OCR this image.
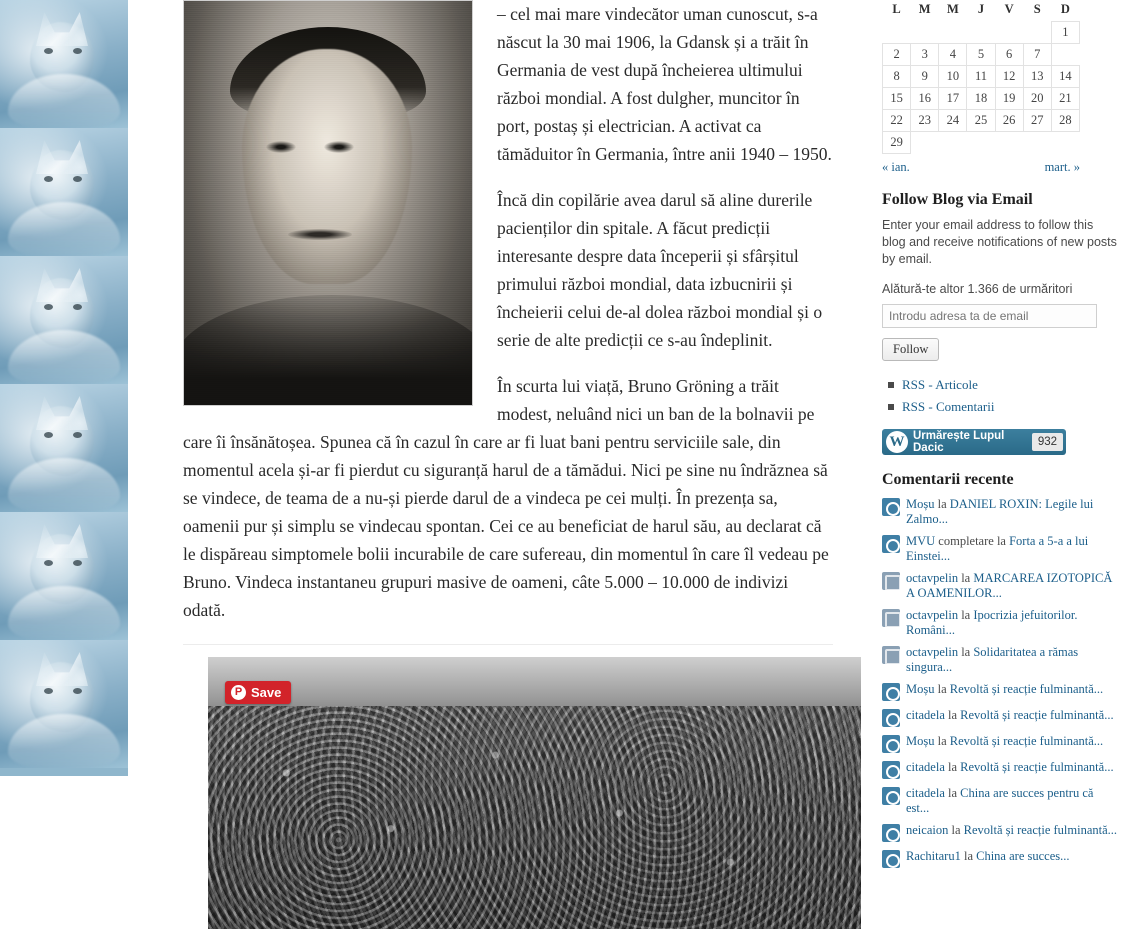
– cel mai mare vindecător uman cunoscut, s-a născut la 30 mai 1906, la Gdansk și a trăit în Germania de vest după încheierea ultimului război mondial. A fost dulgher, muncitor în port, postaș și electrician. A activat ca tămăduitor în Germania, între anii 1940 – 1950.

Încă din copilărie avea darul să aline durerile pacienților din spitale. A făcut predicții interesante despre data începerii și sfârșitul primului război mondial, data izbucnirii și încheierii celui de-al dolea război mondial și o serie de alte predicții ce s-au îndeplinit.

În scurta lui viață, Bruno Gröning a trăit modest, neluând nici un ban de la bolnavii pe care îi însănătoșea. Spunea că în cazul în care ar fi luat bani pentru serviciile sale, din momentul acela și-ar fi pierdut cu siguranță harul de a tămădui. Nici pe sine nu îndrăznea să se vindece, de teama de a nu-și pierde darul de a vindeca pe cei mulți. În prezența sa, oamenii pur și simplu se vindecau spontan. Cei ce au beneficiat de harul său, au declarat că le dispăreau simptomele bolii incurabile de care sufereau, din momentul în care îl vedeau pe Bruno. Vindeca instantaneu grupuri masive de oameni, câte 5.000 – 10.000 de indivizi odată.

P Save
L	M	M	J	V	S	D
						1
2	3	4	5	6	7	
8	9	10	11	12	13	14
15	16	17	18	19	20	21
22	23	24	25	26	27	28
29						
« ian.	mart. »
Follow Blog via Email
Enter your email address to follow this blog and receive notifications of new posts by email.
Alătură-te altor 1.366 de urmăritori
Introdu adresa ta de email
Follow
RSS - Articole
RSS - Comentarii
W Urmărește Lupul Dacic	932
Comentarii recente
Moșu la DANIEL ROXIN: Legile lui Zalmo...
MVU completare la Forta a 5-a a lui Einstei...
octavpelin la MARCAREA IZOTOPICĂ A OAMENILOR...
octavpelin la Ipocrizia jefuitorilor. Români...
octavpelin la Solidaritatea a rămas singura...
Moșu la Revoltă și reacție fulminantă...
citadela la Revoltă și reacție fulminantă...
Moșu la Revoltă și reacție fulminantă...
citadela la Revoltă și reacție fulminantă...
citadela la China are succes pentru că est...
neicaion la Revoltă și reacție fulminantă...
Rachitaru1 la China are succes...
